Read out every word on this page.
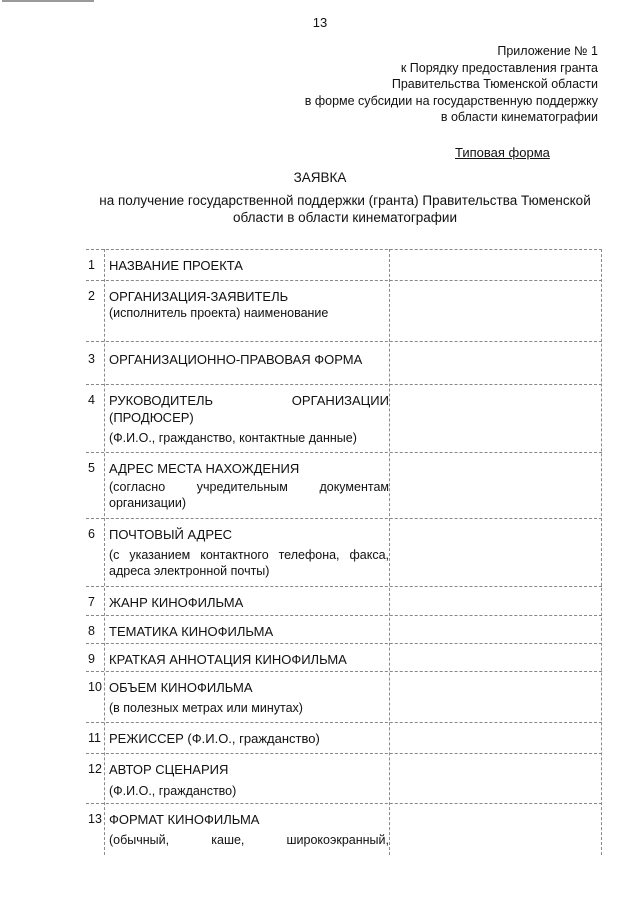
13
Приложение № 1
к Порядку предоставления гранта
Правительства Тюменской области
в форме субсидии на государственную поддержку
в области кинематографии
Типовая форма
ЗАЯВКА
на получение государственной поддержки (гранта) Правительства Тюменской области в области кинематографии
1 НАЗВАНИЕ ПРОЕКТА
2 ОРГАНИЗАЦИЯ-ЗАЯВИТЕЛЬ
(исполнитель проекта) наименование
3 ОРГАНИЗАЦИОННО-ПРАВОВАЯ ФОРМА
4 РУКОВОДИТЕЛЬ ОРГАНИЗАЦИИ (ПРОДЮСЕР)
(Ф.И.О., гражданство, контактные данные)
5 АДРЕС МЕСТА НАХОЖДЕНИЯ
(согласно учредительным документам организации)
6 ПОЧТОВЫЙ АДРЕС
(с указанием контактного телефона, факса, адреса электронной почты)
7 ЖАНР КИНОФИЛЬМА
8 ТЕМАТИКА КИНОФИЛЬМА
9 КРАТКАЯ АННОТАЦИЯ КИНОФИЛЬМА
10 ОБЪЕМ КИНОФИЛЬМА
(в полезных метрах или минутах)
11 РЕЖИССЕР (Ф.И.О., гражданство)
12 АВТОР СЦЕНАРИЯ
(Ф.И.О., гражданство)
13 ФОРМАТ КИНОФИЛЬМА
(обычный, каше, широкоэкранный,
